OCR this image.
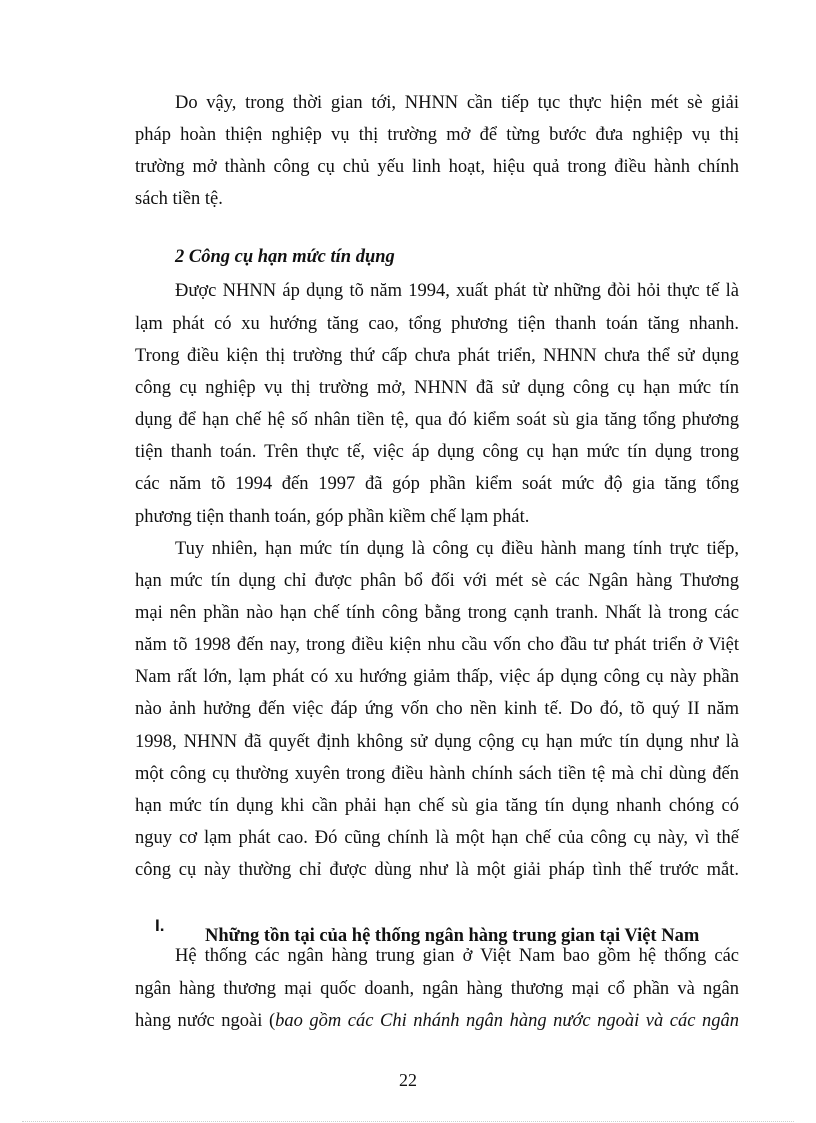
Do vậy, trong thời gian tới, NHNN cần tiếp tục thực hiện mét sè giải

pháp hoàn thiện nghiệp vụ thị trường mở để từng bước đưa nghiệp vụ thị

trường mở thành công cụ chủ yếu linh hoạt, hiệu quả trong điều hành chính

sách tiền tệ.

2 Công cụ hạn mức tín dụng

Được NHNN áp dụng tõ năm 1994, xuất phát từ những đòi hỏi thực tế là

lạm phát có xu hướng tăng cao, tổng phương tiện thanh toán tăng nhanh.

Trong điều kiện thị trường thứ cấp chưa phát triển, NHNN chưa thể sử dụng

công cụ nghiệp vụ thị trường mở, NHNN đã sử dụng công cụ hạn mức tín

dụng để hạn chế hệ số nhân tiền tệ, qua đó kiểm soát sù gia tăng tổng phương

tiện thanh toán. Trên thực tế, việc áp dụng công cụ hạn mức tín dụng trong

các năm tõ 1994 đến 1997 đã góp phần kiểm soát mức độ gia tăng tổng

phương tiện thanh toán, góp phần kiềm chế lạm phát.

Tuy nhiên, hạn mức tín dụng là công cụ điều hành mang tính trực tiếp,

hạn mức tín dụng chỉ được phân bổ đối với mét sè các Ngân hàng Thương

mại nên phần nào hạn chế tính công bằng trong cạnh tranh. Nhất là trong các

năm tõ 1998 đến nay, trong điều kiện nhu cầu vốn cho đầu tư phát triển ở Việt

Nam rất lớn, lạm phát có xu hướng giảm thấp, việc áp dụng công cụ này phần

nào ảnh hưởng đến việc đáp ứng vốn cho nền kinh tế. Do đó, tõ quý II năm

1998, NHNN đã quyết định không sử dụng cộng cụ hạn mức tín dụng như là

một công cụ thường xuyên trong điều hành chính sách tiền tệ mà chỉ dùng đến

hạn mức tín dụng khi cần phải hạn chế sù gia tăng tín dụng nhanh chóng có

nguy cơ lạm phát cao. Đó cũng chính là một hạn chế của công cụ này, vì thế

công cụ này thường chỉ được dùng như là một giải pháp tình thế trước mắt.

I. Những tồn tại của hệ thống ngân hàng trung gian tại Việt Nam

Hệ thống các ngân hàng trung gian ở Việt Nam bao gồm hệ thống các

ngân hàng thương mại quốc doanh, ngân hàng thương mại cổ phần và ngân

hàng nước ngoài (bao gồm các Chi nhánh ngân hàng nước ngoài và các ngân

22
